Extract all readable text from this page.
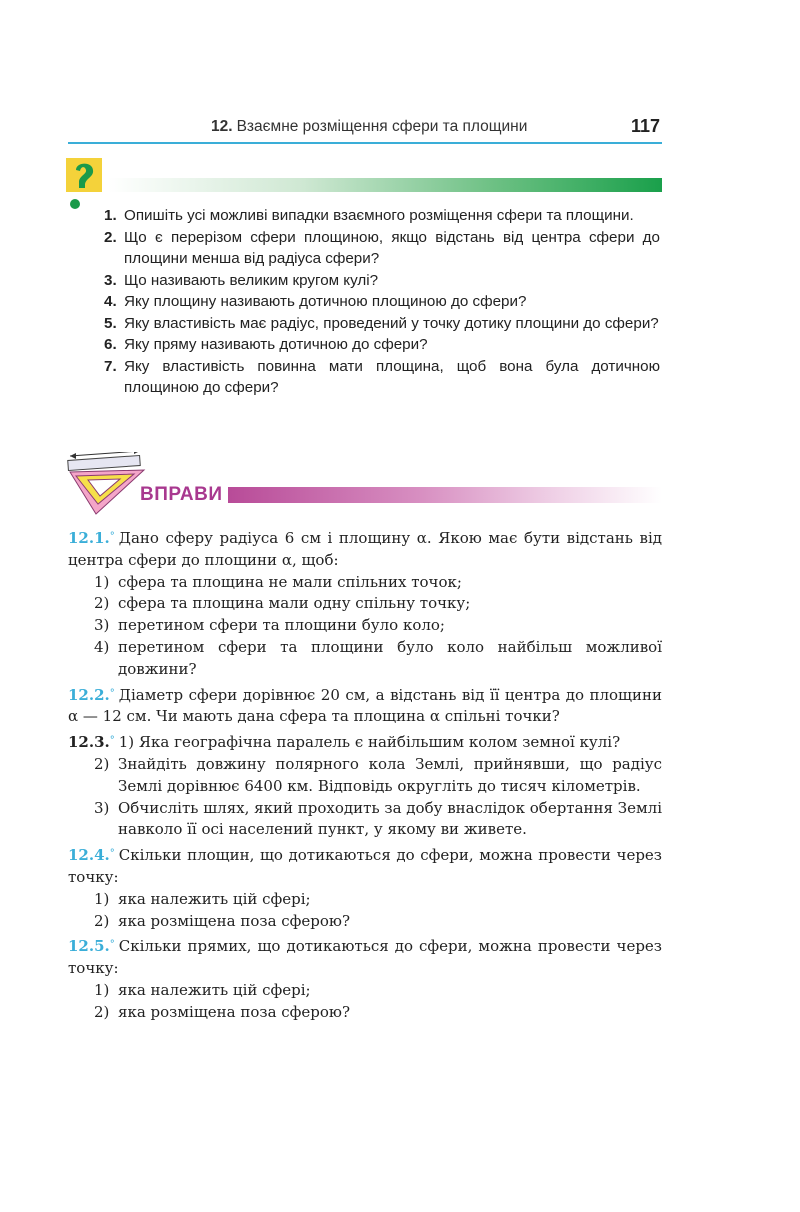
12. Взаємне розміщення сфери та площини	117
1. Опишіть усі можливі випадки взаємного розміщення сфери та площини.
2. Що є перерізом сфери площиною, якщо відстань від центра сфери до площини менша від радіуса сфери?
3. Що називають великим кругом кулі?
4. Яку площину називають дотичною площиною до сфери?
5. Яку властивість має радіус, проведений у точку дотику площини до сфери?
6. Яку пряму називають дотичною до сфери?
7. Яку властивість повинна мати площина, щоб вона була дотичною площиною до сфери?
ВПРАВИ
12.1.° Дано сферу радіуса 6 см і площину α. Якою має бути відстань від центра сфери до площини α, щоб:
1) сфера та площина не мали спільних точок;
2) сфера та площина мали одну спільну точку;
3) перетином сфери та площини було коло;
4) перетином сфери та площини було коло найбільш можливої довжини?
12.2.° Діаметр сфери дорівнює 20 см, а відстань від її центра до площини α — 12 см. Чи мають дана сфера та площина α спільні точки?
12.3.° 1) Яка географічна паралель є найбільшим колом земної кулі?
2) Знайдіть довжину полярного кола Землі, прийнявши, що радіус Землі дорівнює 6400 км. Відповідь округліть до тисяч кілометрів.
3) Обчисліть шлях, який проходить за добу внаслідок обертання Землі навколо її осі населений пункт, у якому ви живете.
12.4.° Скільки площин, що дотикаються до сфери, можна провести через точку:
1) яка належить цій сфері;
2) яка розміщена поза сферою?
12.5.° Скільки прямих, що дотикаються до сфери, можна провести через точку:
1) яка належить цій сфері;
2) яка розміщена поза сферою?
